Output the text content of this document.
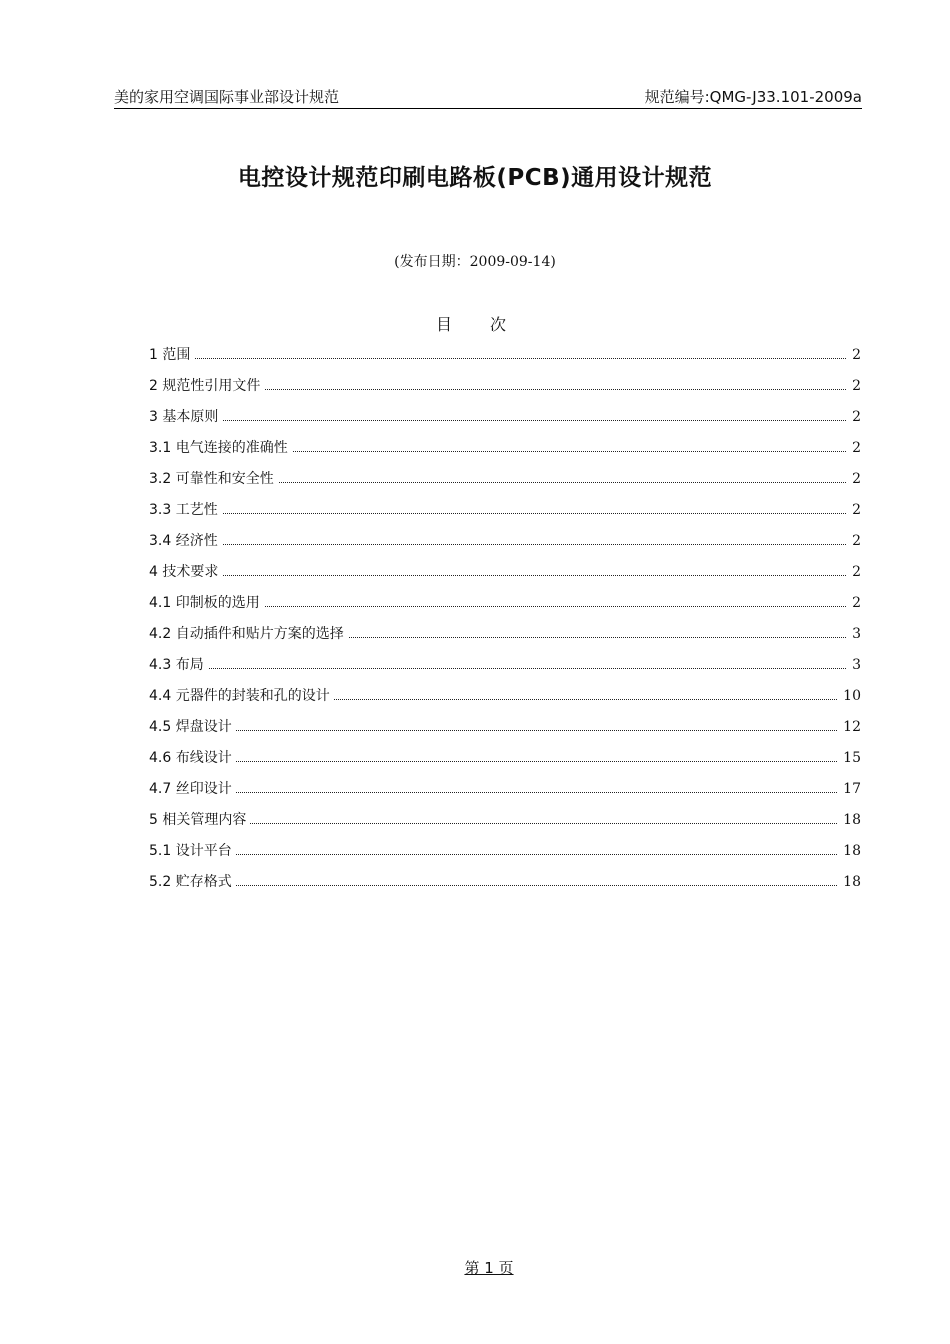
美的家用空调国际事业部设计规范	规范编号:QMG-J33.101-2009a
电控设计规范印刷电路板(PCB)通用设计规范
(发布日期：2009-09-14)
目次
1 范围	2
2 规范性引用文件	2
3 基本原则	2
3.1 电气连接的准确性	2
3.2 可靠性和安全性	2
3.3 工艺性	2
3.4 经济性	2
4 技术要求	2
4.1 印制板的选用	2
4.2 自动插件和贴片方案的选择	3
4.3 布局	3
4.4 元器件的封装和孔的设计	10
4.5 焊盘设计	12
4.6 布线设计	15
4.7 丝印设计	17
5 相关管理内容	18
5.1 设计平台	18
5.2 贮存格式	18
第 1 页
